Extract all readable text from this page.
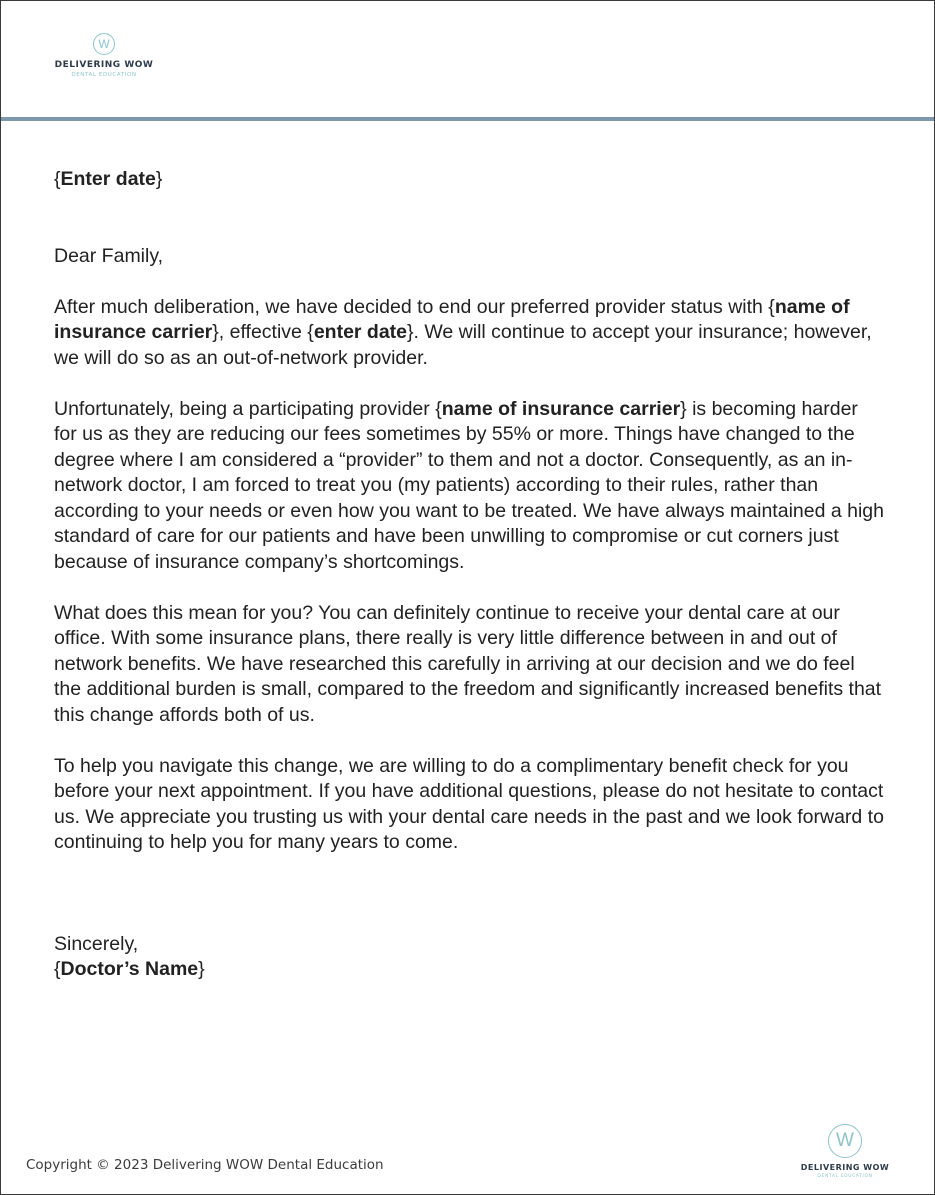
W
DELIVERING WOW
DENTAL EDUCATION

{Enter date}

Dear Family,

After much deliberation, we have decided to end our preferred provider status with {name of insurance carrier}, effective {enter date}. We will continue to accept your insurance; however, we will do so as an out-of-network provider.

Unfortunately, being a participating provider {name of insurance carrier} is becoming harder for us as they are reducing our fees sometimes by 55% or more. Things have changed to the degree where I am considered a “provider” to them and not a doctor. Consequently, as an in-network doctor, I am forced to treat you (my patients) according to their rules, rather than according to your needs or even how you want to be treated. We have always maintained a high standard of care for our patients and have been unwilling to compromise or cut corners just because of insurance company’s shortcomings.

What does this mean for you? You can definitely continue to receive your dental care at our office. With some insurance plans, there really is very little difference between in and out of network benefits. We have researched this carefully in arriving at our decision and we do feel the additional burden is small, compared to the freedom and significantly increased benefits that this change affords both of us.

To help you navigate this change, we are willing to do a complimentary benefit check for you before your next appointment. If you have additional questions, please do not hesitate to contact us. We appreciate you trusting us with your dental care needs in the past and we look forward to continuing to help you for many years to come.

Sincerely,

{Doctor’s Name}

Copyright © 2023 Delivering WOW Dental Education
W
DELIVERING WOW
DENTAL EDUCATION
